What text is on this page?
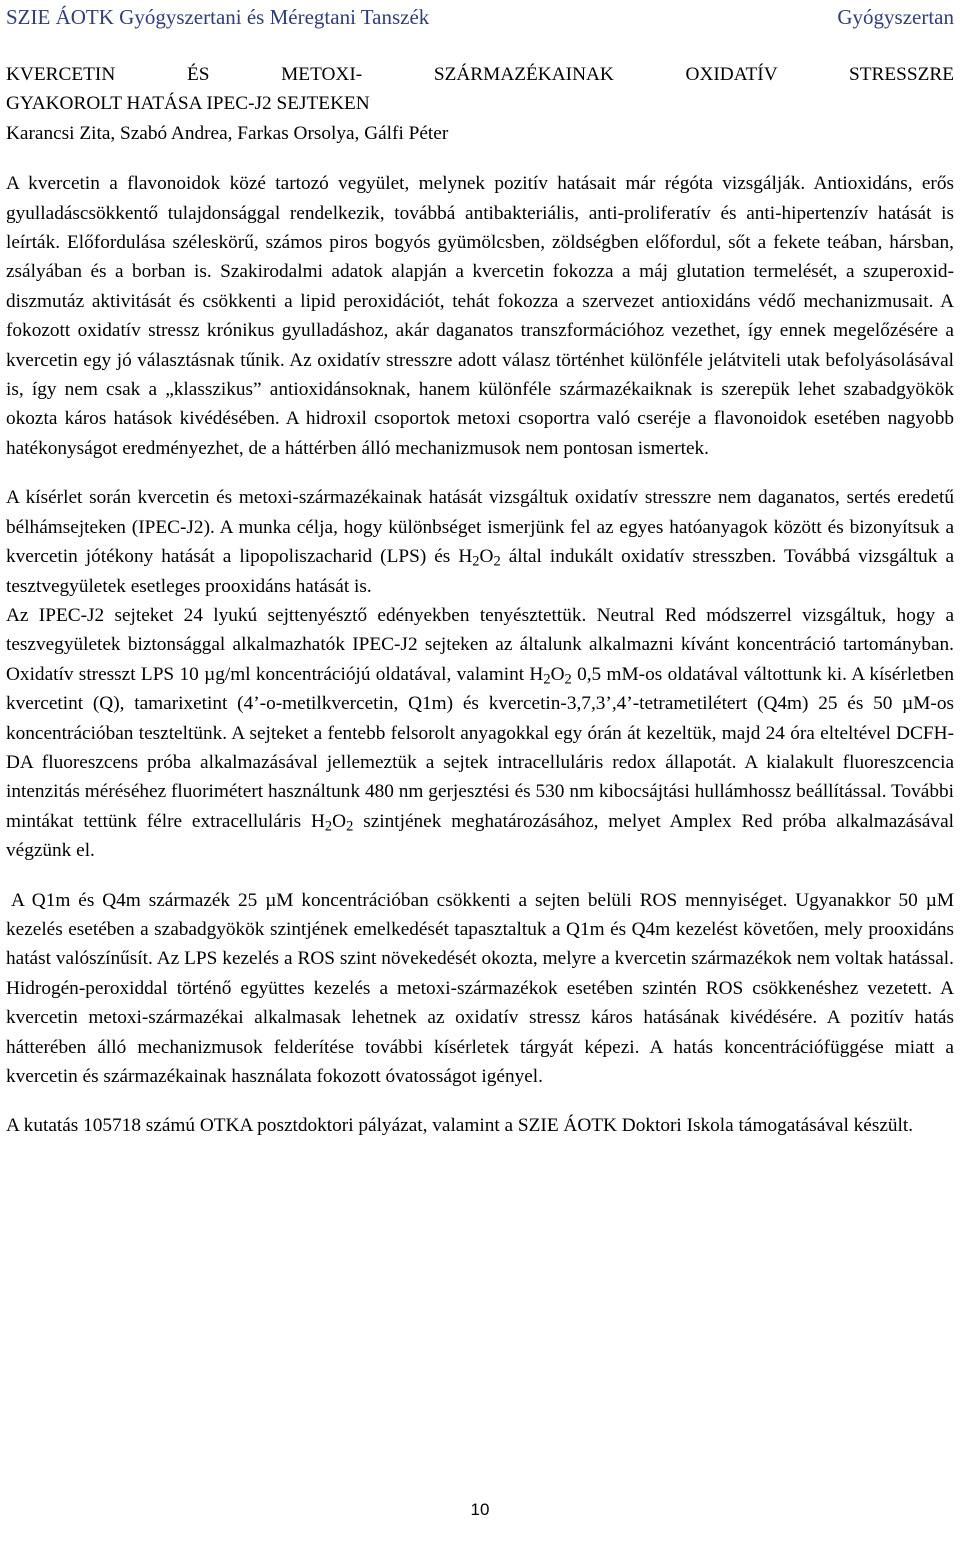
SZIE ÁOTK Gyógyszertani és Méregtani Tanszék	Gyógyszertan
KVERCETIN ÉS METOXI- SZÁRMAZÉKAINAK OXIDATÍV STRESSZRE
GYAKOROLT HATÁSA IPEC-J2 SEJTEKEN

Karancsi Zita, Szabó Andrea, Farkas Orsolya, Gálfi Péter

A kvercetin a flavonoidok közé tartozó vegyület, melynek pozitív hatásait már régóta vizsgálják. Antioxidáns, erős gyulladáscsökkentő tulajdonsággal rendelkezik, továbbá antibakteriális, anti-proliferatív és anti-hipertenzív hatását is leírták. Előfordulása széleskörű, számos piros bogyós gyümölcsben, zöldségben előfordul, sőt a fekete teában, hársban, zsályában és a borban is. Szakirodalmi adatok alapján a kvercetin fokozza a máj glutation termelését, a szuperoxid-diszmutáz aktivitását és csökkenti a lipid peroxidációt, tehát fokozza a szervezet antioxidáns védő mechanizmusait. A fokozott oxidatív stressz krónikus gyulladáshoz, akár daganatos transzformációhoz vezethet, így ennek megelőzésére a kvercetin egy jó választásnak tűnik. Az oxidatív stresszre adott válasz történhet különféle jelátviteli utak befolyásolásával is, így nem csak a „klasszikus” antioxidánsoknak, hanem különféle származékaiknak is szerepük lehet szabadgyökök okozta káros hatások kivédésében. A hidroxil csoportok metoxi csoportra való cseréje a flavonoidok esetében nagyobb hatékonyságot eredményezhet, de a háttérben álló mechanizmusok nem pontosan ismertek.

A kísérlet során kvercetin és metoxi-származékainak hatását vizsgáltuk oxidatív stresszre nem daganatos, sertés eredetű bélhámsejteken (IPEC-J2). A munka célja, hogy különbséget ismerjünk fel az egyes hatóanyagok között és bizonyítsuk a kvercetin jótékony hatását a lipopoliszacharid (LPS) és $H_2O_2$ által indukált oxidatív stresszben. Továbbá vizsgáltuk a tesztvegyületek esetleges prooxidáns hatását is.

Az IPEC-J2 sejteket 24 lyukú sejttenyésztő edényekben tenyésztettük. Neutral Red módszerrel vizsgáltuk, hogy a teszvegyületek biztonsággal alkalmazhatók IPEC-J2 sejteken az általunk alkalmazni kívánt koncentráció tartományban. Oxidatív stresszt LPS 10 µg/ml koncentrációjú oldatával, valamint $H_2O_2$ 0,5 mM-os oldatával váltottunk ki. A kísérletben kvercetint (Q), tamarixetint (4’-o-metilkvercetin, Q1m) és kvercetin-3,7,3’,4’-tetrametilétert (Q4m) 25 és 50 µM-os koncentrációban teszteltünk. A sejteket a fentebb felsorolt anyagokkal egy órán át kezeltük, majd 24 óra elteltével DCFH-DA fluoreszcens próba alkalmazásával jellemeztük a sejtek intracelluláris redox állapotát. A kialakult fluoreszcencia intenzitás méréséhez fluorimétert használtunk 480 nm gerjesztési és 530 nm kibocsájtási hullámhossz beállítással. További mintákat tettünk félre extracelluláris $H_2O_2$ szintjének meghatározásához, melyet Amplex Red próba alkalmazásával végzünk el.

A Q1m és Q4m származék 25 µM koncentrációban csökkenti a sejten belüli ROS mennyiséget. Ugyanakkor 50 µM kezelés esetében a szabadgyökök szintjének emelkedését tapasztaltuk a Q1m és Q4m kezelést követően, mely prooxidáns hatást valószínűsít. Az LPS kezelés a ROS szint növekedését okozta, melyre a kvercetin származékok nem voltak hatással. Hidrogén-peroxiddal történő együttes kezelés a metoxi-származékok esetében szintén ROS csökkenéshez vezetett. A kvercetin metoxi-származékai alkalmasak lehetnek az oxidatív stressz káros hatásának kivédésére. A pozitív hatás hátterében álló mechanizmusok felderítése további kísérletek tárgyát képezi. A hatás koncentrációfüggése miatt a kvercetin és származékainak használata fokozott óvatosságot igényel.

A kutatás 105718 számú OTKA posztdoktori pályázat, valamint a SZIE ÁOTK Doktori Iskola támogatásával készült.

10
